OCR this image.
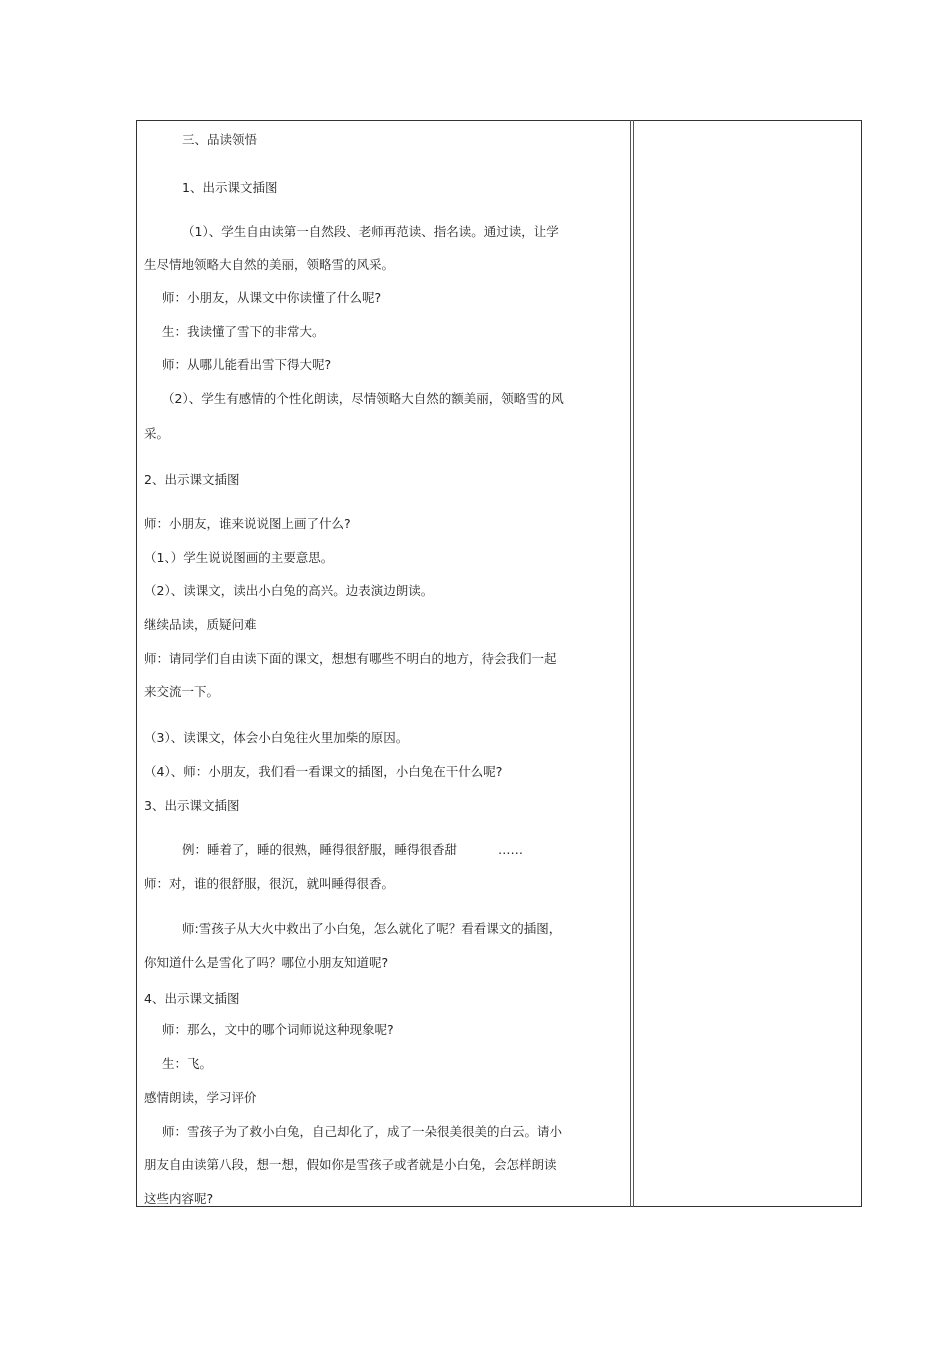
三、品读领悟
1、出示课文插图
（1）、学生自由读第一自然段、老师再范读、指名读。通过读，让学
生尽情地领略大自然的美丽，领略雪的风采。
师：小朋友，从课文中你读懂了什么呢?
生：我读懂了雪下的非常大。
师：从哪儿能看出雪下得大呢?
（2）、学生有感情的个性化朗读，尽情领略大自然的额美丽，领略雪的风
采。
2、出示课文插图
师：小朋友，谁来说说图上画了什么?
（1、）学生说说图画的主要意思。
（2）、读课文，读出小白兔的高兴。边表演边朗读。
继续品读，质疑问难
师：请同学们自由读下面的课文，想想有哪些不明白的地方，待会我们一起
来交流一下。
（3）、读课文，体会小白兔往火里加柴的原因。
（4）、师：小朋友，我们看一看课文的插图，小白兔在干什么呢?
3、出示课文插图
例：睡着了，睡的很熟，睡得很舒服，睡得很香甜	……
师：对，谁的很舒服，很沉，就叫睡得很香。
师:雪孩子从大火中救出了小白兔，怎么就化了呢？看看课文的插图，
你知道什么是雪化了吗？哪位小朋友知道呢?
4、出示课文插图
师：那么，文中的哪个词师说这种现象呢?
生：飞。
感情朗读，学习评价
师：雪孩子为了救小白兔，自己却化了，成了一朵很美很美的白云。请小
朋友自由读第八段，想一想，假如你是雪孩子或者就是小白兔，会怎样朗读
这些内容呢?
